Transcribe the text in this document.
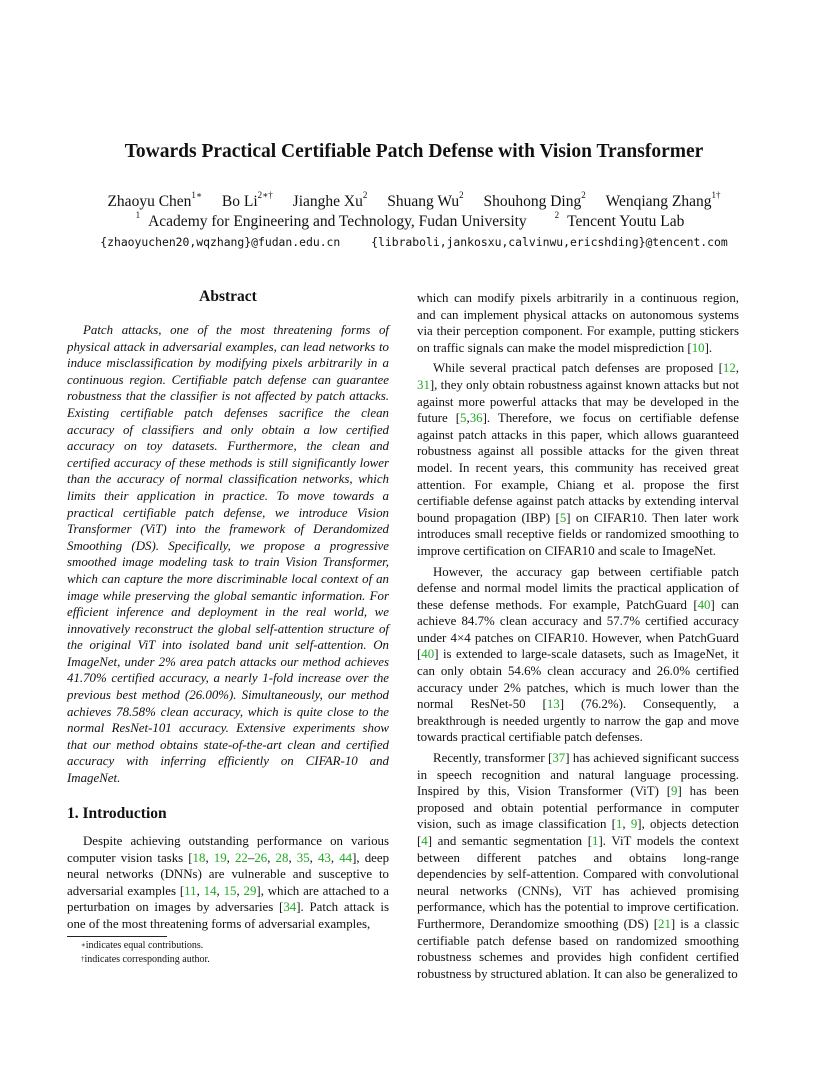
Towards Practical Certifiable Patch Defense with Vision Transformer
Zhaoyu Chen$^{1∗}$ Bo $Li^{2∗\dagger}$ Jianghe Xu$^2$ Shuang Wu$^2$ Shouhong Ding$^2$ Wenqiang Zhang$^{1\dagger}$
$^1$ Academy for Engineering and Technology, Fudan University	$^2$ Tencent Youtu Lab
{zhaoyuchen20,wqzhang}@fudan.edu.cn	{libraboli,jankosxu,calvinwu,ericshding}@tencent.com
Abstract

Patch attacks, one of the most threatening forms of physical attack in adversarial examples, can lead networks to induce misclassification by modifying pixels arbitrarily in a continuous region. Certifiable patch defense can guarantee robustness that the classifier is not affected by patch attacks. Existing certifiable patch defenses sacrifice the clean accuracy of classifiers and only obtain a low certified accuracy on toy datasets. Furthermore, the clean and certified accuracy of these methods is still significantly lower than the accuracy of normal classification networks, which limits their application in practice. To move towards a practical certifiable patch defense, we introduce Vision Transformer (ViT) into the framework of Derandomized Smoothing (DS). Specifically, we propose a progressive smoothed image modeling task to train Vision Transformer, which can capture the more discriminable local context of an image while preserving the global semantic information. For efficient inference and deployment in the real world, we innovatively reconstruct the global self-attention structure of the original ViT into isolated band unit self-attention. On ImageNet, under 2% area patch attacks our method achieves 41.70% certified accuracy, a nearly 1-fold increase over the previous best method (26.00%). Simultaneously, our method achieves 78.58% clean accuracy, which is quite close to the normal ResNet-101 accuracy. Extensive experiments show that our method obtains state-of-the-art clean and certified accuracy with inferring efficiently on CIFAR-10 and ImageNet.

1. Introduction

Despite achieving outstanding performance on various computer vision tasks [18, 19, 22–26, 28, 35, 43, 44], deep neural networks (DNNs) are vulnerable and susceptive to adversarial examples [11, 14, 15, 29], which are attached to a perturbation on images by adversaries [34]. Patch attack is one of the most threatening forms of adversarial examples,

∗indicates equal contributions.
†indicates corresponding author.

which can modify pixels arbitrarily in a continuous region, and can implement physical attacks on autonomous systems via their perception component. For example, putting stickers on traffic signals can make the model misprediction [10].

While several practical patch defenses are proposed [12, 31], they only obtain robustness against known attacks but not against more powerful attacks that may be developed in the future [5,36]. Therefore, we focus on certifiable defense against patch attacks in this paper, which allows guaranteed robustness against all possible attacks for the given threat model. In recent years, this community has received great attention. For example, Chiang et al. propose the first certifiable defense against patch attacks by extending interval bound propagation (IBP) [5] on CIFAR10. Then later work introduces small receptive fields or randomized smoothing to improve certification on CIFAR10 and scale to ImageNet.

However, the accuracy gap between certifiable patch defense and normal model limits the practical application of these defense methods. For example, PatchGuard [40] can achieve 84.7% clean accuracy and 57.7% certified accuracy under 4×4 patches on CIFAR10. However, when PatchGuard [40] is extended to large-scale datasets, such as ImageNet, it can only obtain 54.6% clean accuracy and 26.0% certified accuracy under 2% patches, which is much lower than the normal ResNet-50 [13] (76.2%). Consequently, a breakthrough is needed urgently to narrow the gap and move towards practical certifiable patch defenses.

Recently, transformer [37] has achieved significant success in speech recognition and natural language processing. Inspired by this, Vision Transformer (ViT) [9] has been proposed and obtain potential performance in computer vision, such as image classification [1, 9], objects detection [4] and semantic segmentation [1]. ViT models the context between different patches and obtains long-range dependencies by self-attention. Compared with convolutional neural networks (CNNs), ViT has achieved promising performance, which has the potential to improve certification. Furthermore, Derandomize smoothing (DS) [21] is a classic certifiable patch defense based on randomized smoothing robustness schemes and provides high confident certified robustness by structured ablation. It can also be generalized to
